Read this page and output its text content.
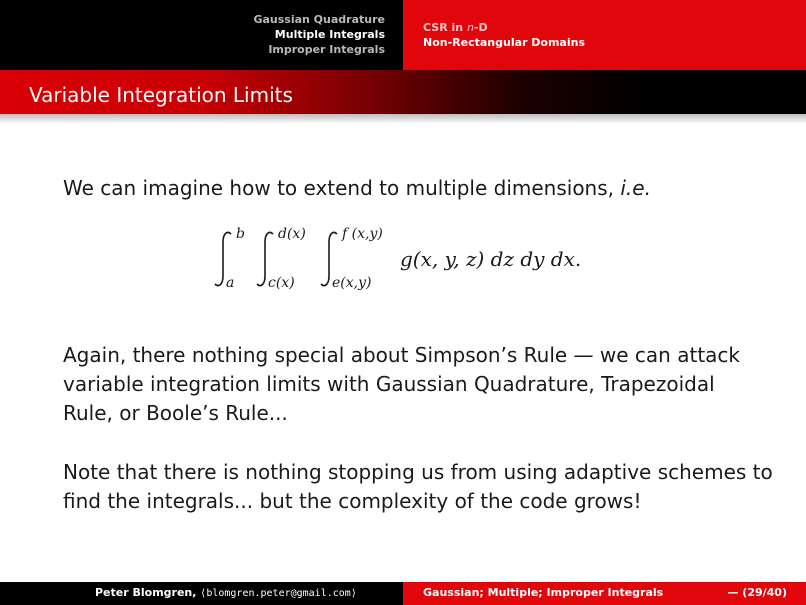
Gaussian Quadrature
Multiple Integrals
Improper Integrals
CSR in n-D
Non-Rectangular Domains
Variable Integration Limits
We can imagine how to extend to multiple dimensions, i.e.
b
a
d(x)
c(x)
f (x,y)
e(x,y)
g(x, y, z) dz dy dx.
Again, there nothing special about Simpson’s Rule — we can attack variable integration limits with Gaussian Quadrature, Trapezoidal Rule, or Boole’s Rule...
Note that there is nothing stopping us from using adaptive schemes to find the integrals... but the complexity of the code grows!
Peter Blomgren, ⟨blomgren.peter@gmail.com⟩	Gaussian; Multiple; Improper Integrals	— (29/40)
